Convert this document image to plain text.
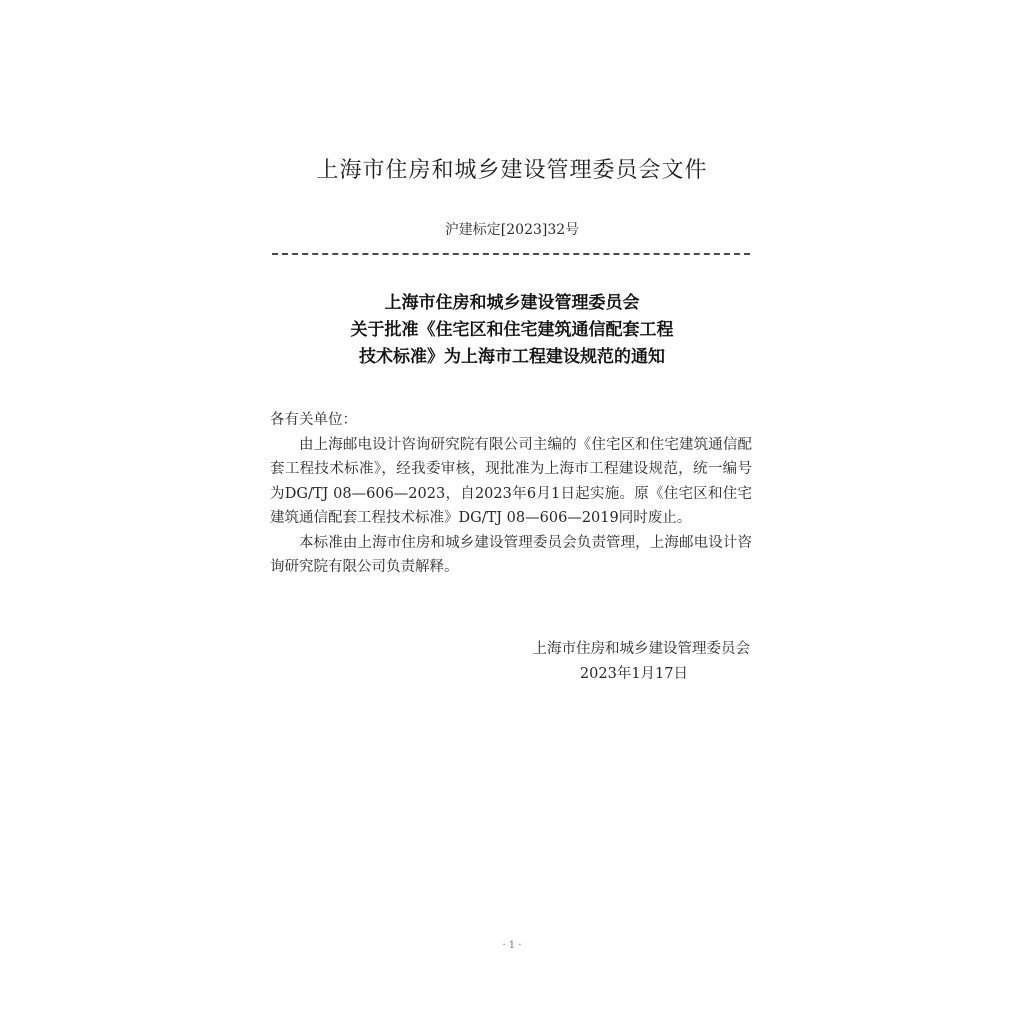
上海市住房和城乡建设管理委员会文件
沪建标定[2023]32号
上海市住房和城乡建设管理委员会
关于批准《住宅区和住宅建筑通信配套工程
技术标准》为上海市工程建设规范的通知

各有关单位：

由上海邮电设计咨询研究院有限公司主编的《住宅区和住宅建筑通信配套工程技术标准》，经我委审核，现批准为上海市工程建设规范，统一编号为DG/TJ 08—606—2023，自2023年6月1日起实施。原《住宅区和住宅建筑通信配套工程技术标准》DG/TJ 08—606—2019同时废止。

本标准由上海市住房和城乡建设管理委员会负责管理，上海邮电设计咨询研究院有限公司负责解释。

上海市住房和城乡建设管理委员会
2023年1月17日
· 1 ·
